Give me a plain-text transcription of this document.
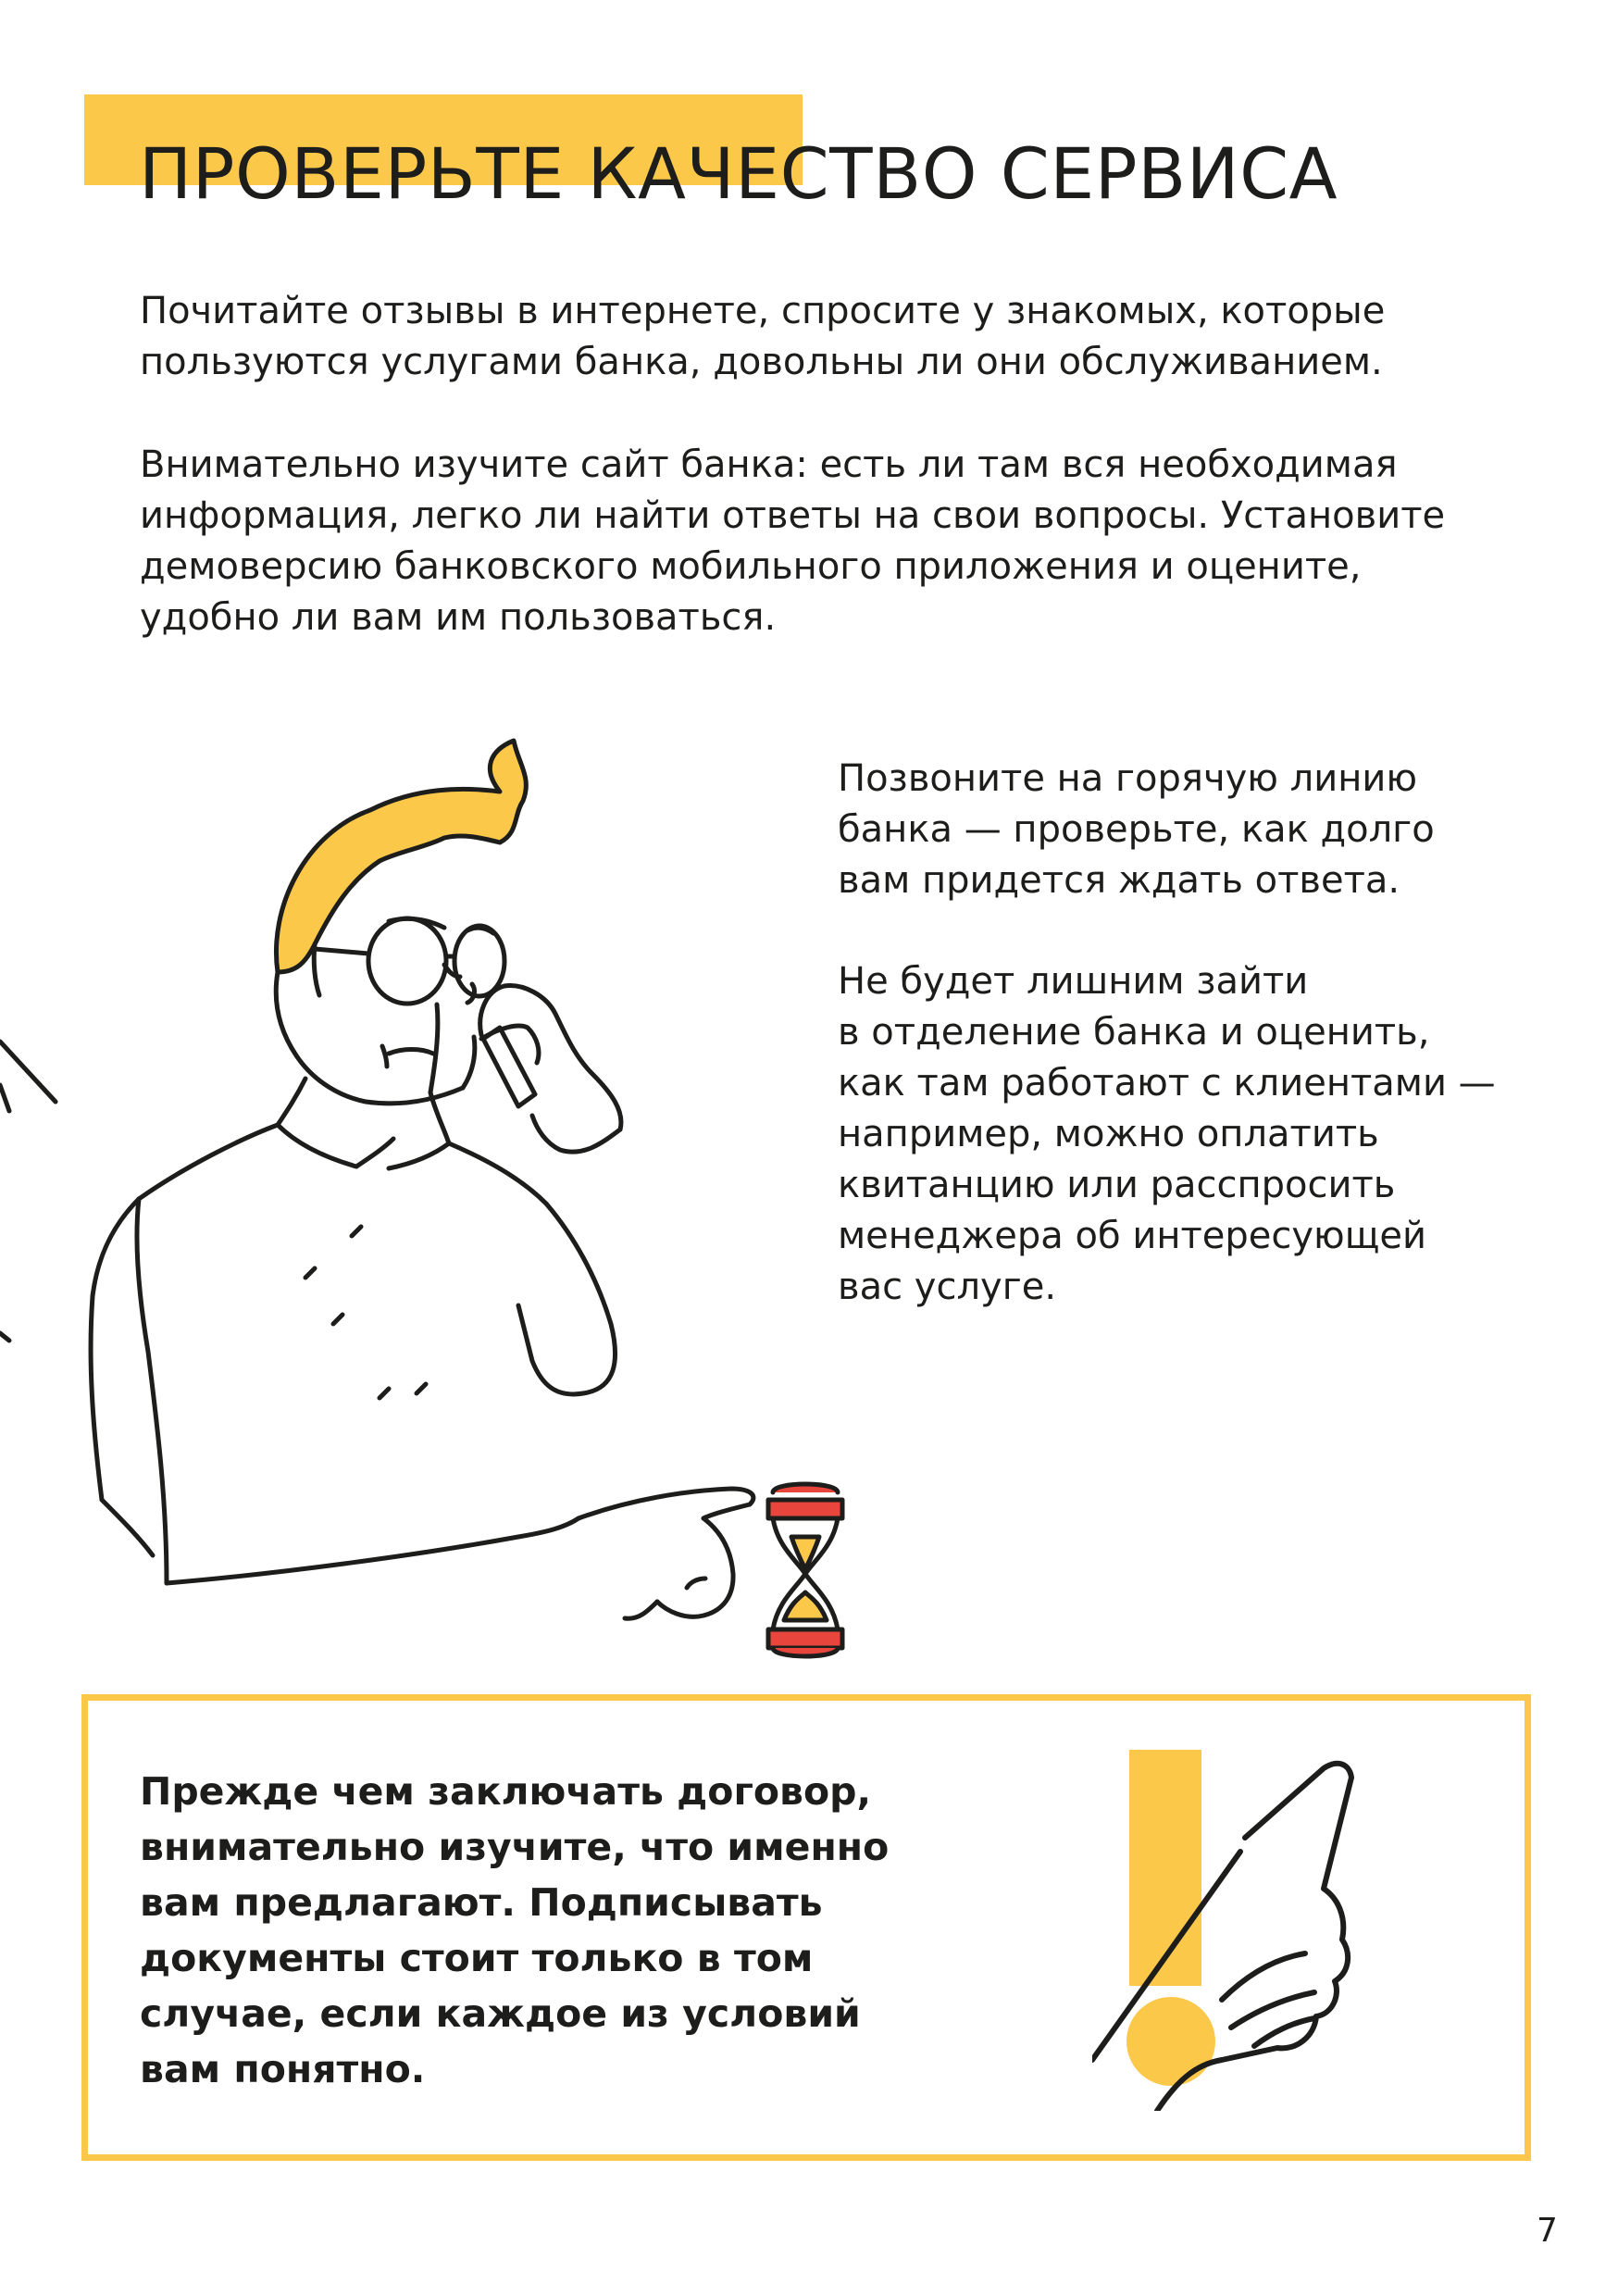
ПРОВЕРЬТЕ КАЧЕСТВО СЕРВИСА

Почитайте отзывы в интернете, спросите у знакомых, которые
пользуются услугами банка, довольны ли они обслуживанием.

Внимательно изучите сайт банка: есть ли там вся необходимая
информация, легко ли найти ответы на свои вопросы. Установите
демоверсию банковского мобильного приложения и оцените,
удобно ли вам им пользоваться.

Позвоните на горячую линию
банка — проверьте, как долго
вам придется ждать ответа.

Не будет лишним зайти
в отделение банка и оценить,
как там работают с клиентами —
например, можно оплатить
квитанцию или расспросить
менеджера об интересующей
вас услуге.

Прежде чем заключать договор,
внимательно изучите, что именно
вам предлагают. Подписывать
документы стоит только в том
случае, если каждое из условий
вам понятно.

7
